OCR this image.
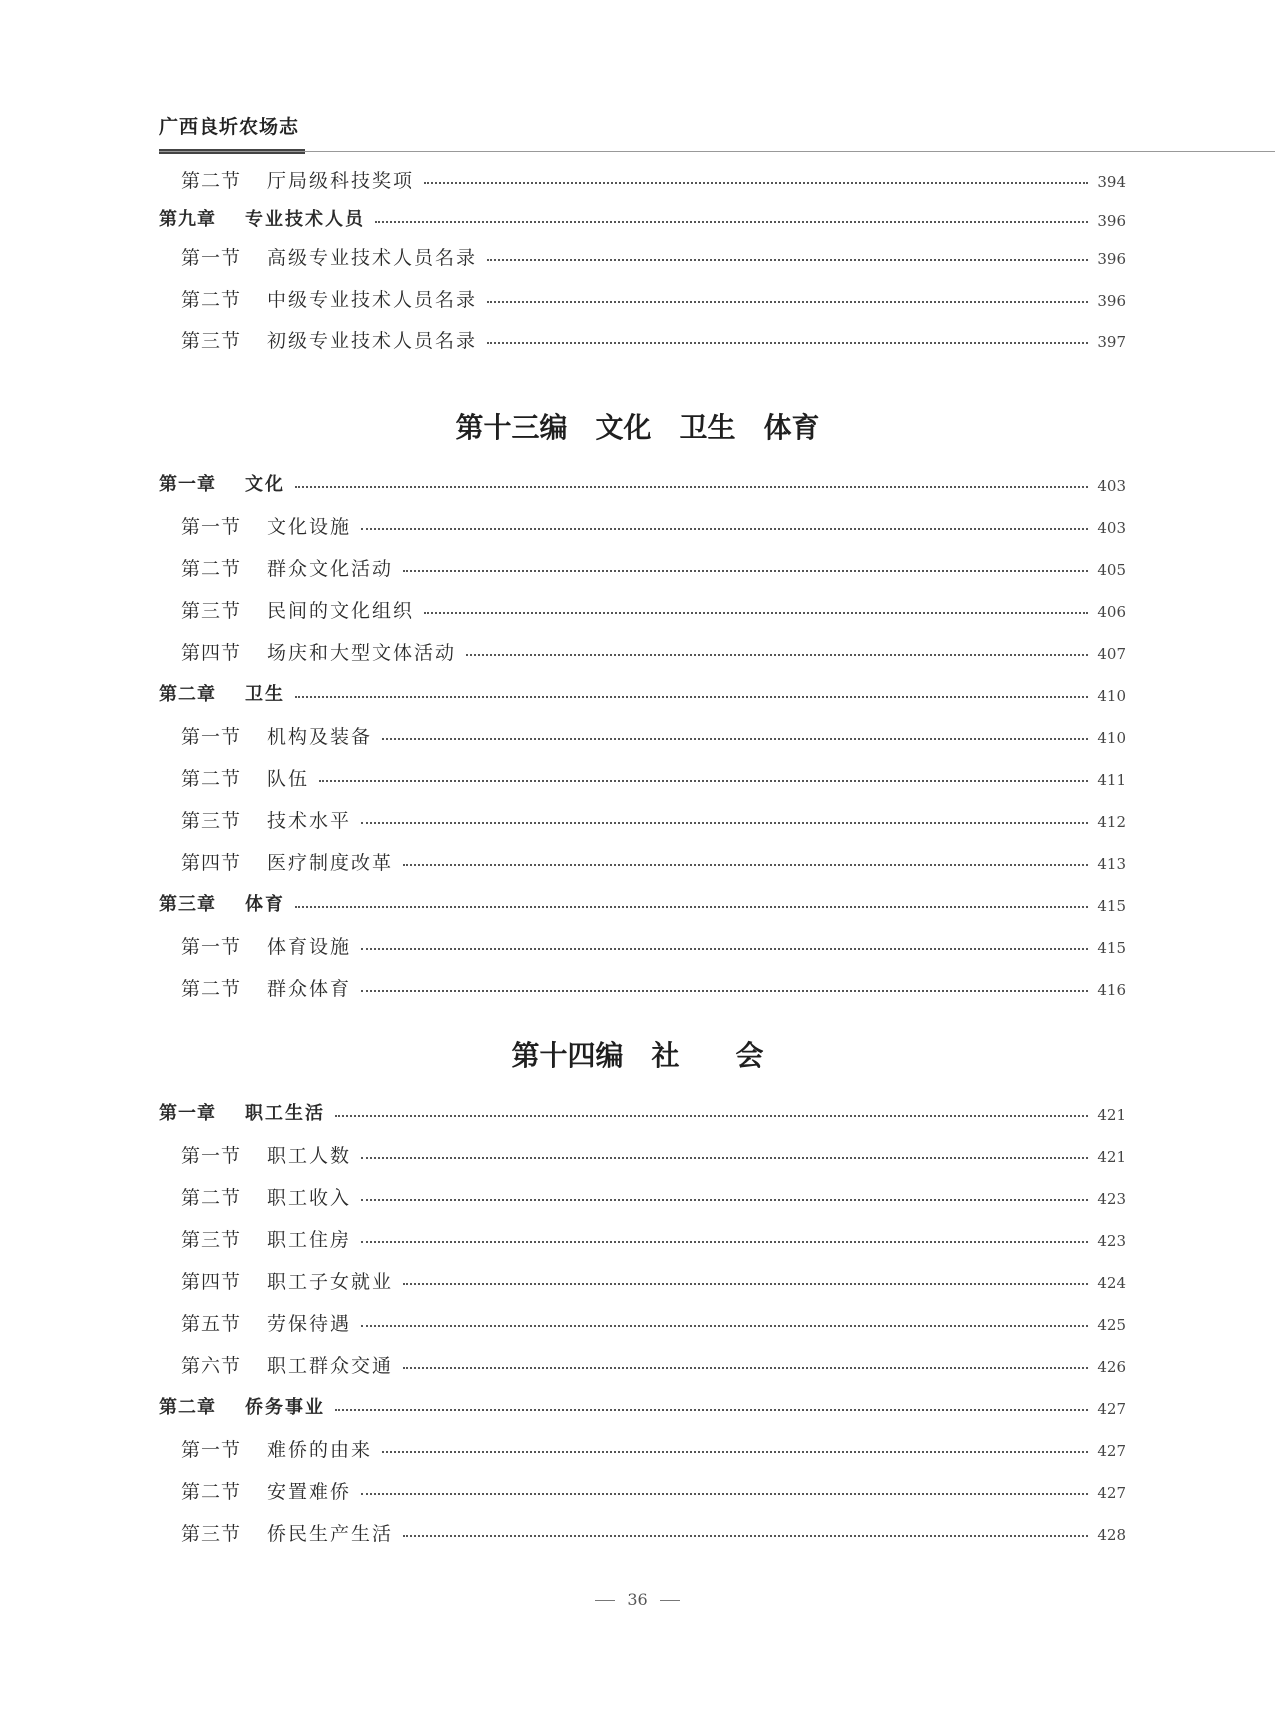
广西良圻农场志
第二节	厅局级科技奖项	394
第九章	专业技术人员	396
第一节	高级专业技术人员名录	396
第二节	中级专业技术人员名录	396
第三节	初级专业技术人员名录	397
第十三编　文化　卫生　体育
第一章	文化	403
第一节	文化设施	403
第二节	群众文化活动	405
第三节	民间的文化组织	406
第四节	场庆和大型文体活动	407
第二章	卫生	410
第一节	机构及装备	410
第二节	队伍	411
第三节	技术水平	412
第四节	医疗制度改革	413
第三章	体育	415
第一节	体育设施	415
第二节	群众体育	416
第十四编　社　　会
第一章	职工生活	421
第一节	职工人数	421
第二节	职工收入	423
第三节	职工住房	423
第四节	职工子女就业	424
第五节	劳保待遇	425
第六节	职工群众交通	426
第二章	侨务事业	427
第一节	难侨的由来	427
第二节	安置难侨	427
第三节	侨民生产生活	428
36
